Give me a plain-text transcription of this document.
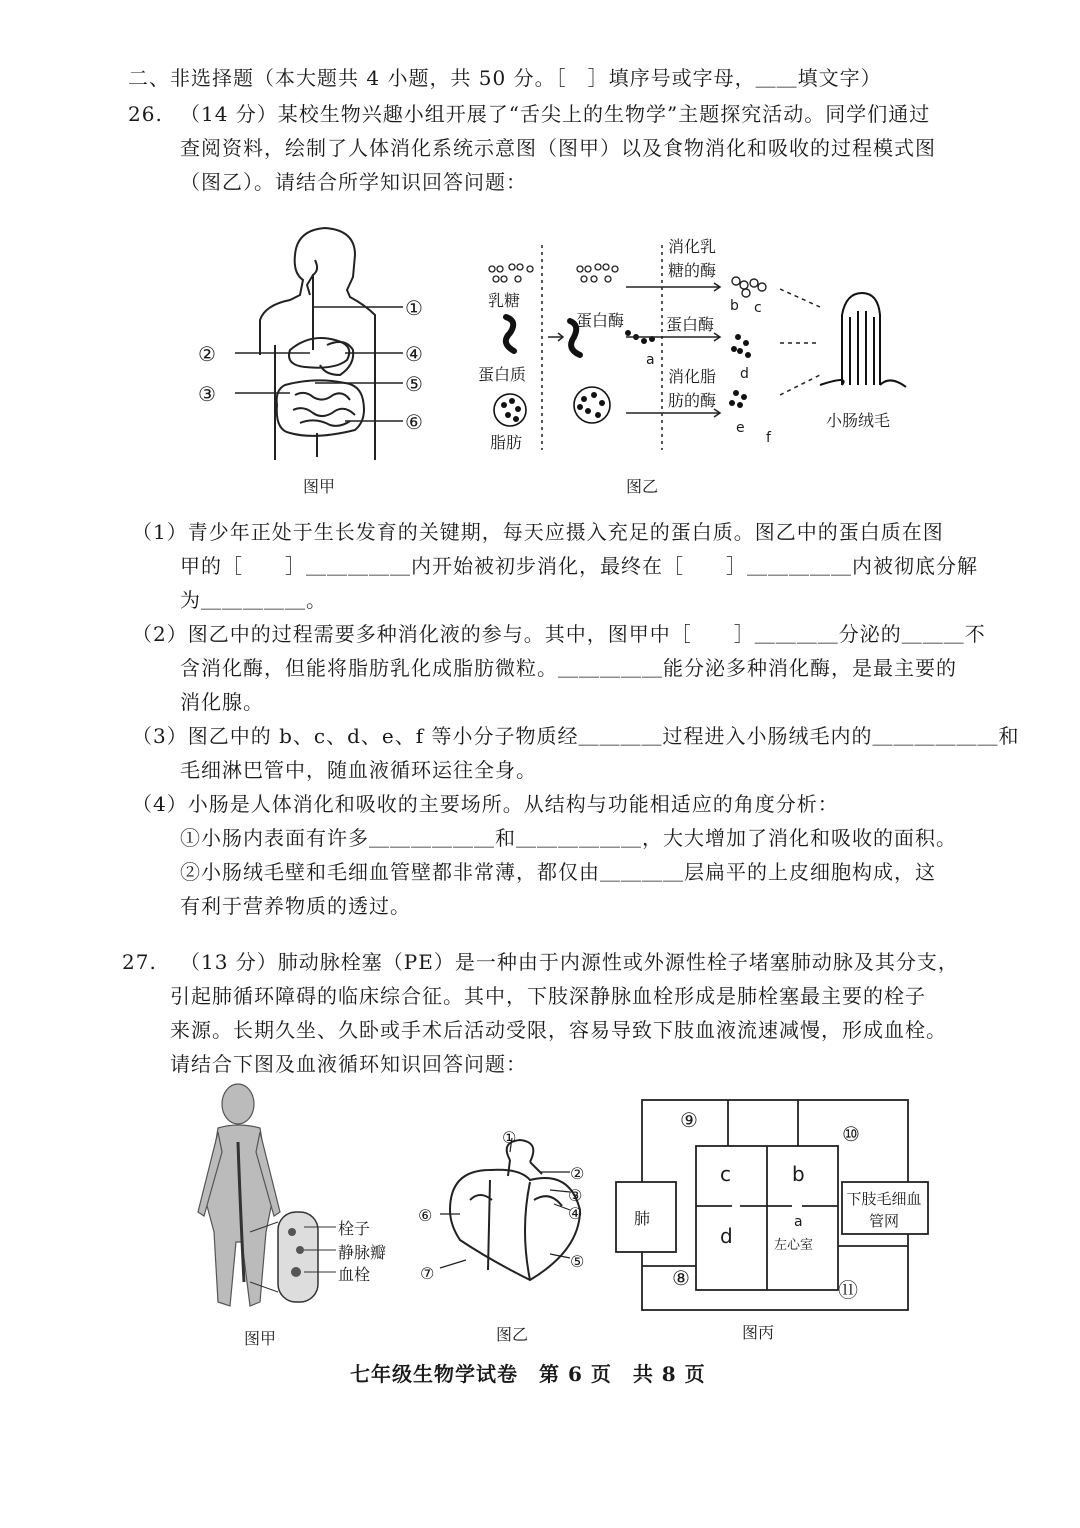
二、非选择题（本大题共 4 小题，共 50 分。［　］填序号或字母，＿＿填文字）
26. （14 分）某校生物兴趣小组开展了“舌尖上的生物学”主题探究活动。同学们通过
查阅资料，绘制了人体消化系统示意图（图甲）以及食物消化和吸收的过程模式图
（图乙）。请结合所学知识回答问题：
①
②
③
④
⑤
⑥
图甲
乳糖
蛋白质
脂肪
蛋白酶	蛋白酶
消化乳
糖的酶
消化脂
肪的酶
小肠绒毛
a
b c
d
e
f
图乙
（1）青少年正处于生长发育的关键期，每天应摄入充足的蛋白质。图乙中的蛋白质在图
甲的［　　］＿＿＿＿＿内开始被初步消化，最终在［　　］＿＿＿＿＿内被彻底分解
为＿＿＿＿＿。
（2）图乙中的过程需要多种消化液的参与。其中，图甲中［　　］＿＿＿＿分泌的＿＿＿不
含消化酶，但能将脂肪乳化成脂肪微粒。＿＿＿＿＿能分泌多种消化酶，是最主要的
消化腺。
（3）图乙中的 b、c、d、e、f 等小分子物质经＿＿＿＿过程进入小肠绒毛内的＿＿＿＿＿＿和
毛细淋巴管中，随血液循环运往全身。
（4）小肠是人体消化和吸收的主要场所。从结构与功能相适应的角度分析：
①小肠内表面有许多＿＿＿＿＿＿和＿＿＿＿＿＿，大大增加了消化和吸收的面积。
②小肠绒毛壁和毛细血管壁都非常薄，都仅由＿＿＿＿层扁平的上皮细胞构成，这
有利于营养物质的透过。
27. （13 分）肺动脉栓塞（PE）是一种由于内源性或外源性栓子堵塞肺动脉及其分支，
引起肺循环障碍的临床综合征。其中，下肢深静脉血栓形成是肺栓塞最主要的栓子
来源。长期久坐、久卧或手术后活动受限，容易导致下肢血液流速减慢，形成血栓。
请结合下图及血液循环知识回答问题：
栓子
静脉瓣
血栓
图甲
①
②
③
④
⑤
⑥
⑦
图乙
肺
下肢毛细血管网
c	b
d
a
左心室
⑧
⑨
⑩
⑪
图丙
七年级生物学试卷　第 6 页　共 8 页
